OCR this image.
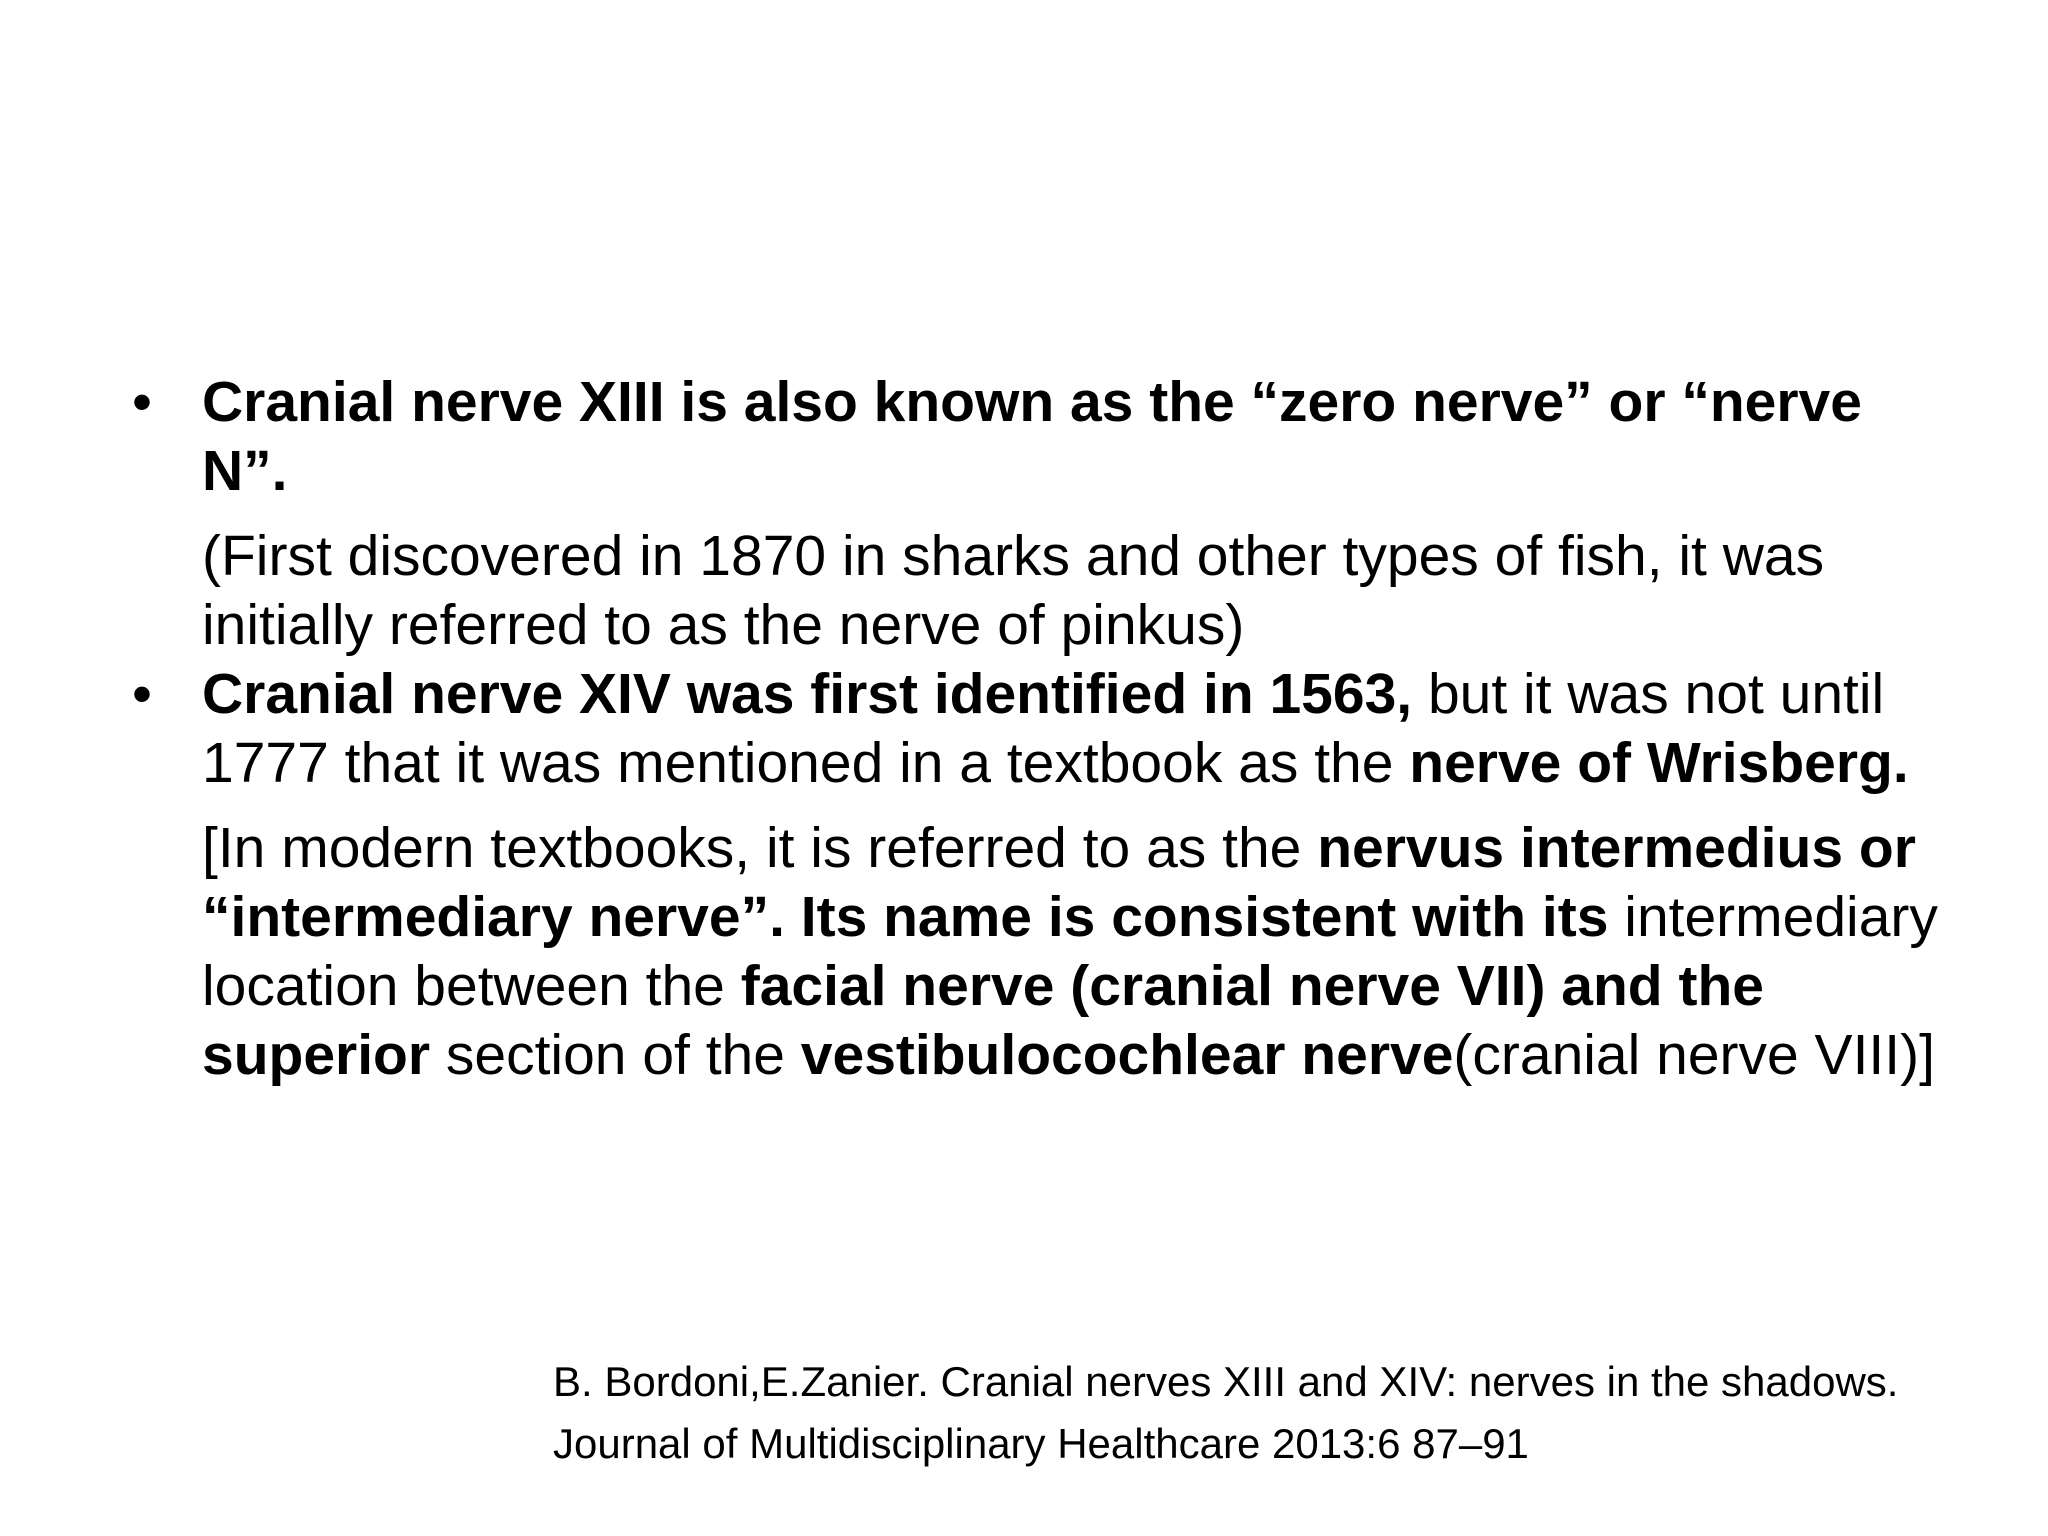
• Cranial nerve XIII is also known as the “zero nerve” or “nerve N”.

(First discovered in 1870 in sharks and other types of fish, it was initially referred to as the nerve of pinkus)

• Cranial nerve XIV was first identified in 1563, but it was not until 1777 that it was mentioned in a textbook as the nerve of Wrisberg.

[In modern textbooks, it is referred to as the nervus intermedius or “intermediary nerve”. Its name is consistent with its intermediary location between the facial nerve (cranial nerve VII) and the superior section of the vestibulocochlear nerve(cranial nerve VIII)]

B. Bordoni,E.Zanier. Cranial nerves XIII and XIV: nerves in the shadows.
Journal of Multidisciplinary Healthcare 2013:6 87–91
